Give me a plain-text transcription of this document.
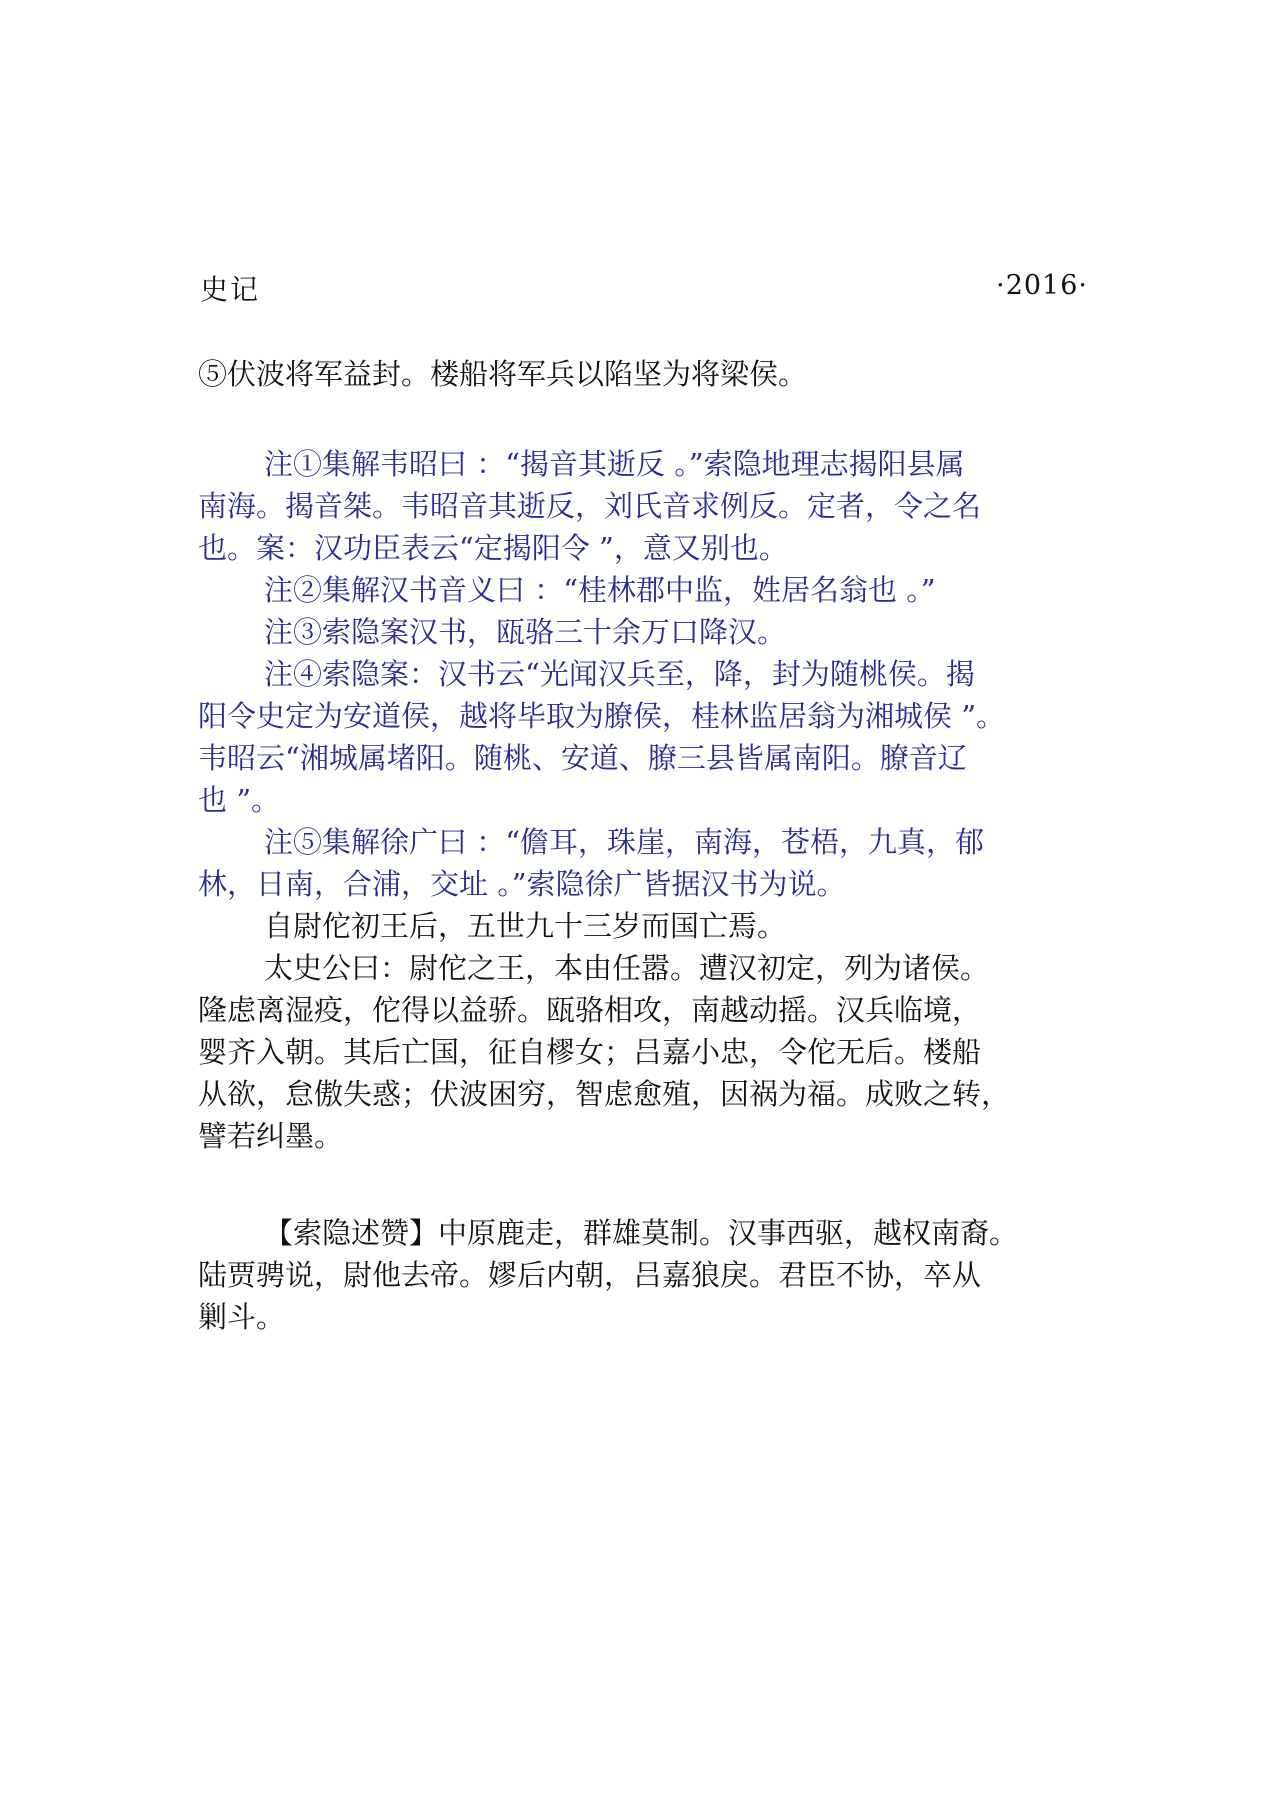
史记	·2016·
⑤伏波将军益封。楼船将军兵以陷坚为将梁侯。
注①集解韦昭曰 ：“揭音其逝反 。”索隐地理志揭阳县属
南海。揭音桀。韦昭音其逝反，刘氏音求例反。定者，令之名
也。案：汉功臣表云“定揭阳令 ”，意又别也。
注②集解汉书音义曰 ：“桂林郡中监，姓居名翁也 。”
注③索隐案汉书，瓯骆三十余万口降汉。
注④索隐案：汉书云“光闻汉兵至，降，封为随桃侯。揭
阳令史定为安道侯，越将毕取为膫侯，桂林监居翁为湘城侯 ”。
韦昭云“湘城属堵阳。随桃、安道、膫三县皆属南阳。膫音辽
也 ”。
注⑤集解徐广曰 ：“儋耳，珠崖，南海，苍梧，九真，郁
林，日南，合浦，交址 。”索隐徐广皆据汉书为说。
自尉佗初王后，五世九十三岁而国亡焉。
太史公曰：尉佗之王，本由任嚣。遭汉初定，列为诸侯。
隆虑离湿疫，佗得以益骄。瓯骆相攻，南越动摇。汉兵临境，
婴齐入朝。其后亡国，征自樛女；吕嘉小忠，令佗无后。楼船
从欲，怠傲失惑；伏波困穷，智虑愈殖，因祸为福。成败之转，
譬若纠墨。
【索隐述赞】中原鹿走，群雄莫制。汉事西驱，越权南裔。
陆贾骋说，尉他去帝。嫪后内朝，吕嘉狼戾。君臣不协，卒从
剿斗。
